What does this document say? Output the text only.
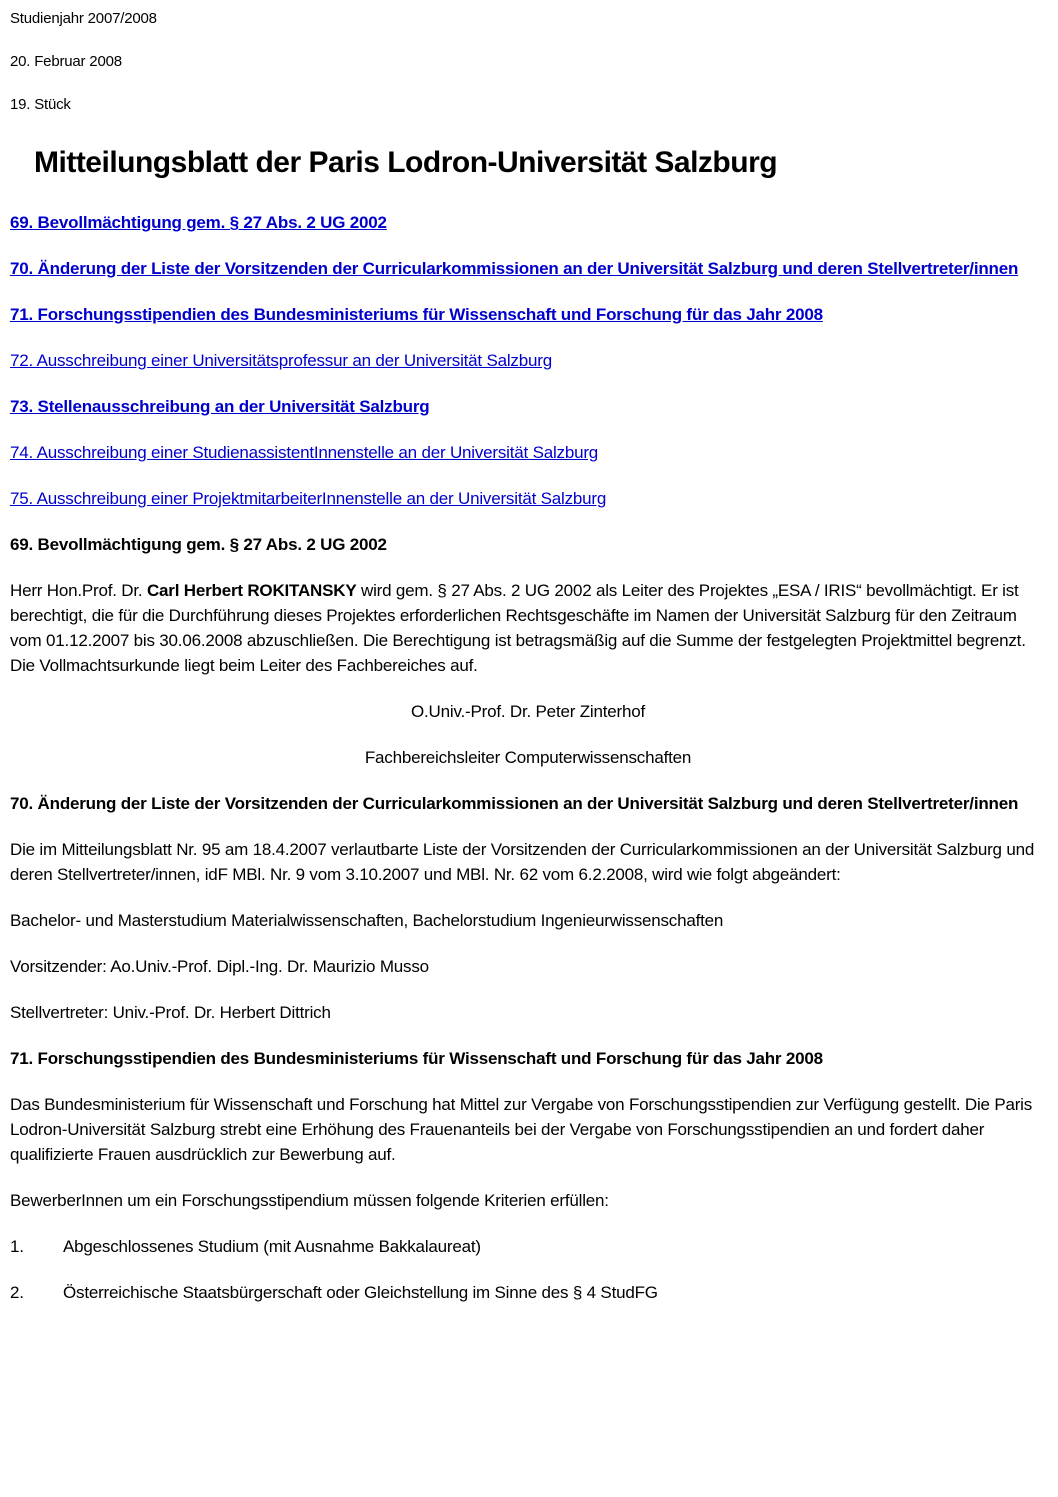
Studienjahr 2007/2008

20. Februar 2008

19. Stück

Mitteilungsblatt der Paris Lodron-Universität Salzburg

69. Bevollmächtigung gem. § 27 Abs. 2 UG 2002

70. Änderung der Liste der Vorsitzenden der Curricularkommissionen an der Universität Salzburg und deren Stellvertreter/innen

71. Forschungsstipendien des Bundesministeriums für Wissenschaft und Forschung für das Jahr 2008

72. Ausschreibung einer Universitätsprofessur an der Universität Salzburg

73. Stellenausschreibung an der Universität Salzburg

74. Ausschreibung einer StudienassistentInnenstelle an der Universität Salzburg

75. Ausschreibung einer ProjektmitarbeiterInnenstelle an der Universität Salzburg

69. Bevollmächtigung gem. § 27 Abs. 2 UG 2002

Herr Hon.Prof. Dr. Carl Herbert ROKITANSKY wird gem. § 27 Abs. 2 UG 2002 als Leiter des Projektes „ESA / IRIS“ bevollmächtigt. Er ist berechtigt, die für die Durchführung dieses Projektes erforderlichen Rechtsgeschäfte im Namen der Universität Salzburg für den Zeitraum vom 01.12.2007 bis 30.06.2008 abzuschließen. Die Berechtigung ist betragsmäßig auf die Summe der festgelegten Projektmittel begrenzt. Die Vollmachtsurkunde liegt beim Leiter des Fachbereiches auf.

O.Univ.-Prof. Dr. Peter Zinterhof

Fachbereichsleiter Computerwissenschaften

70. Änderung der Liste der Vorsitzenden der Curricularkommissionen an der Universität Salzburg und deren Stellvertreter/innen

Die im Mitteilungsblatt Nr. 95 am 18.4.2007 verlautbarte Liste der Vorsitzenden der Curricularkommissionen an der Universität Salzburg und deren Stellvertreter/innen, idF MBl. Nr. 9 vom 3.10.2007 und MBl. Nr. 62 vom 6.2.2008, wird wie folgt abgeändert:

Bachelor- und Masterstudium Materialwissenschaften, Bachelorstudium Ingenieurwissenschaften

Vorsitzender: Ao.Univ.-Prof. Dipl.-Ing. Dr. Maurizio Musso

Stellvertreter: Univ.-Prof. Dr. Herbert Dittrich

71. Forschungsstipendien des Bundesministeriums für Wissenschaft und Forschung für das Jahr 2008

Das Bundesministerium für Wissenschaft und Forschung hat Mittel zur Vergabe von Forschungsstipendien zur Verfügung gestellt. Die Paris Lodron-Universität Salzburg strebt eine Erhöhung des Frauenanteils bei der Vergabe von Forschungsstipendien an und fordert daher qualifizierte Frauen ausdrücklich zur Bewerbung auf.

BewerberInnen um ein Forschungsstipendium müssen folgende Kriterien erfüllen:

1.	Abgeschlossenes Studium (mit Ausnahme Bakkalaureat)
2.	Österreichische Staatsbürgerschaft oder Gleichstellung im Sinne des § 4 StudFG
